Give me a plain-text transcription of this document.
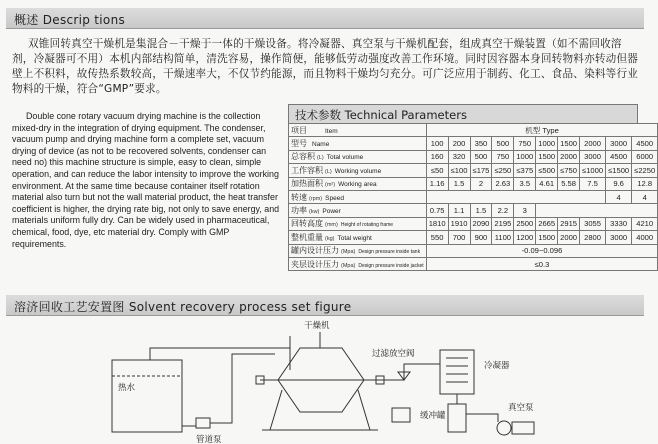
概述 Descrip tions
双锥回转真空干燥机是集混合－干燥于一体的干燥设备。将冷凝器、真空泵与干燥机配套，组成真空干燥装置（如不需回收溶剂，冷凝器可不用）本机内部结构简单，清洗容易，操作简便，能够低劳动强度改善工作环境。同时因容器本身回转物料亦转动但器壁上不积料，故传热系数较高，干燥速率大，不仅节约能源，而且物料干燥均匀充分。可广泛应用于制药、化工、食品、染料等行业物料的干燥，符合“GMP”要求。
Double cone rotary vacuum drying machine is the collection mixed-dry in the integration of drying equipment. The condenser, vacuum pump and drying machine form a complete set, vacuum drying of device (as not to be recovered solvents, condenser can need no) this machine structure is simple, easy to clean, simple operation, and can reduce the labor intensity to improve the working environment. At the same time because container itself rotation material also turn but not the wall material product, the heat transfer coefficient is higher, the drying rate big, not only to save energy, and materials uniform fully dry. Can be widely used in pharmaceutical, chemical, food, dye, etc material dry. Comply with GMP requirements.
技术参数 Technical Parameters
项目 Item	机型 Type									
型号 Name	100	200	350	500	750	1000	1500	2000	3000	4500
总容积 (L) Total volume	160	320	500	750	1000	1500	2000	3000	4500	6000
工作容积 (L) Working volume	≤50	≤100	≤175	≤250	≤375	≤500	≤750	≤1000	≤1500	≤2250
加热面积 (m²) Working area	1.16	1.5	2	2.63	3.5	4.61	5.58	7.5	9.6	12.8
转速 (rpm) Speed									4	4
功率 (kw) Power	0.75	1.1	1.5	2.2	3					
回转高度 (mm) Height of rotating frame	1810	1910	2090	2195	2500	2665	2915	3055	3330	4210
整机重量 (kg) Total weight	550	700	900	1100	1200	1500	2000	2800	3000	4000
罐内设计压力 (Mpa) Design pressure inside tank	-0.09~0.096									
夹层设计压力 (Mpa) Design pressure inside jacket	≤0.3									
溶济回收工艺安置图 Solvent recovery process set figure
热水
管道泵
干燥机
过滤放空阀
冷凝器
缓冲罐
真空泵
